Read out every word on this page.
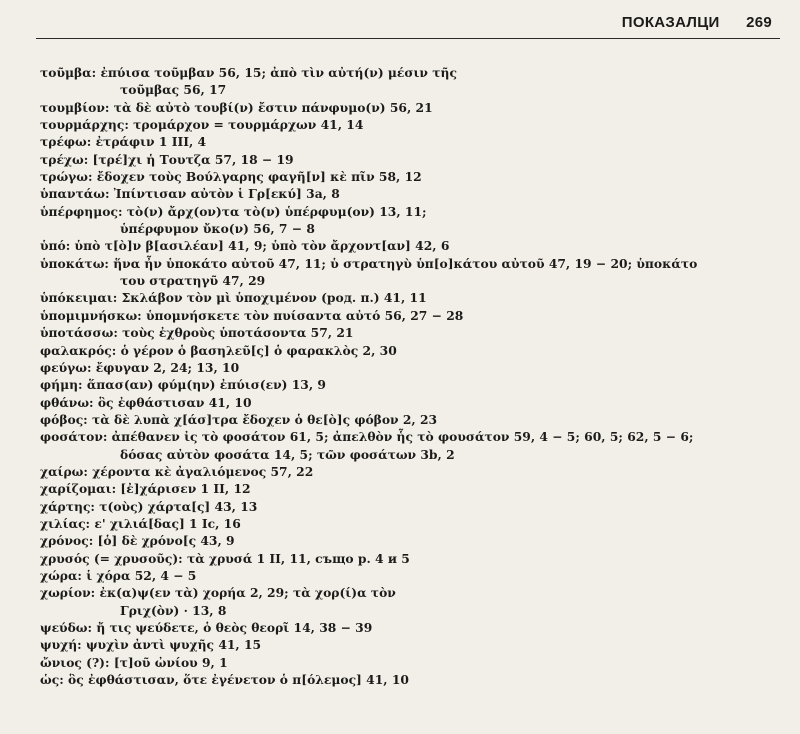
ПОКАЗАЛЦИ 269
τοῦμβα: ἐπύισα τοῦμβαν 56, 15; ἀπὸ τὶν αὐτή(ν) μέσιν τῆς
τοῦμβας 56, 17
τουμβίον: τὰ δὲ αὐτὸ τουβί(ν) ἔστιν πάνφυμο(ν) 56, 21
τουρμάρχης: τρομάρχον = τουρμάρχων 41, 14
τρέφω: ἐτράφιν 1 III, 4
τρέχω: [τρέ]χι ἡ Τουτζα 57, 18 − 19
τρώγω: ἔδοχεν τοὺς Βούλγαρης φαγῆ[ν] κὲ πῖν 58, 12
ὑπαντάω: Ἰπίντισαν αὐτὸν ἱ Γρ[εκύ] 3a, 8
ὑπέρφημος: τὸ(ν) ἄρχ(ον)τα τὸ(ν) ὑπέρφυμ(ον) 13, 11;
ὑπέρφυμον ὔκο(ν) 56, 7 − 8
ὑπό: ὑπὸ τ[ὸ]ν β[ασιλέαν] 41, 9; ὑπὸ τὸν ἄρχοντ[αν] 42, 6
ὑποκάτω: ἥνα ἦν ὑποκάτο αὐτοῦ 47, 11; ὑ στρατηγὺ ὑπ[ο]κάτου αὐτοῦ 47, 19 − 20; ὑποκάτο
του στρατηγῦ 47, 29
ὑπόκειμαι: Σκλάβον τὸν μὶ ὑποχιμένον (род. п.) 41, 11
ὑπομιμνήσκω: ὑπομνήσκετε τὸν πυίσαντα αὐτό 56, 27 − 28
ὑποτάσσω: τοὺς ἐχθροὺς ὑποτάσοντα 57, 21
φαλακρός: ὁ γέρον ὁ βασηλεῦ[ς] ὁ φαρακλὸς 2, 30
φεύγω: ἔφυγαν 2, 24; 13, 10
φήμη: ἅπασ(αν) φύμ(ην) ἐπύισ(εν) 13, 9
φθάνω: ὃς ἐφθάστισαν 41, 10
φόβος: τὰ δὲ λυπὰ χ[άσ]τρα ἔδοχεν ὁ θε[ὸ]ς φόβον 2, 23
φοσάτον: ἀπέθανεν ἰς τὸ φοσάτον 61, 5; ἀπελθὸν ἧς τὸ φουσάτον 59, 4 − 5; 60, 5; 62, 5 − 6;
δόσας αὐτὸν φοσάτα 14, 5; τῶν φοσάτων 3b, 2
χαίρω: χέροντα κὲ ἀγαλιόμενος 57, 22
χαρίζομαι: [ἐ]χάρισεν 1 II, 12
χάρτης: τ(οὺς) χάρτα[ς] 43, 13
χιλίας: ε' χιλιά[δας] 1 Ic, 16
χρόνος: [ὁ] δὲ χρόνο[ς 43, 9
χρυσός (= χρυσοῦς): τὰ χρυσά 1 II, 11, също р. 4 и 5
χώρα: ἱ χόρα 52, 4 − 5
χωρίον: ἐκ(α)ψ(εν τὰ) χορήα 2, 29; τὰ χορ(ί)α τὸν
Γριχ(ὸν) · 13, 8
ψεύδω: ἤ τις ψεύδετε, ὁ θεὸς θεορῖ 14, 38 − 39
ψυχή: ψυχὶν ἀντὶ ψυχῆς 41, 15
ὤνιος (?): [τ]οῦ ὠνίου 9, 1
ὡς: ὃς ἐφθάστισαν, ὅτε ἐγένετον ὁ π[όλεμος] 41, 10
